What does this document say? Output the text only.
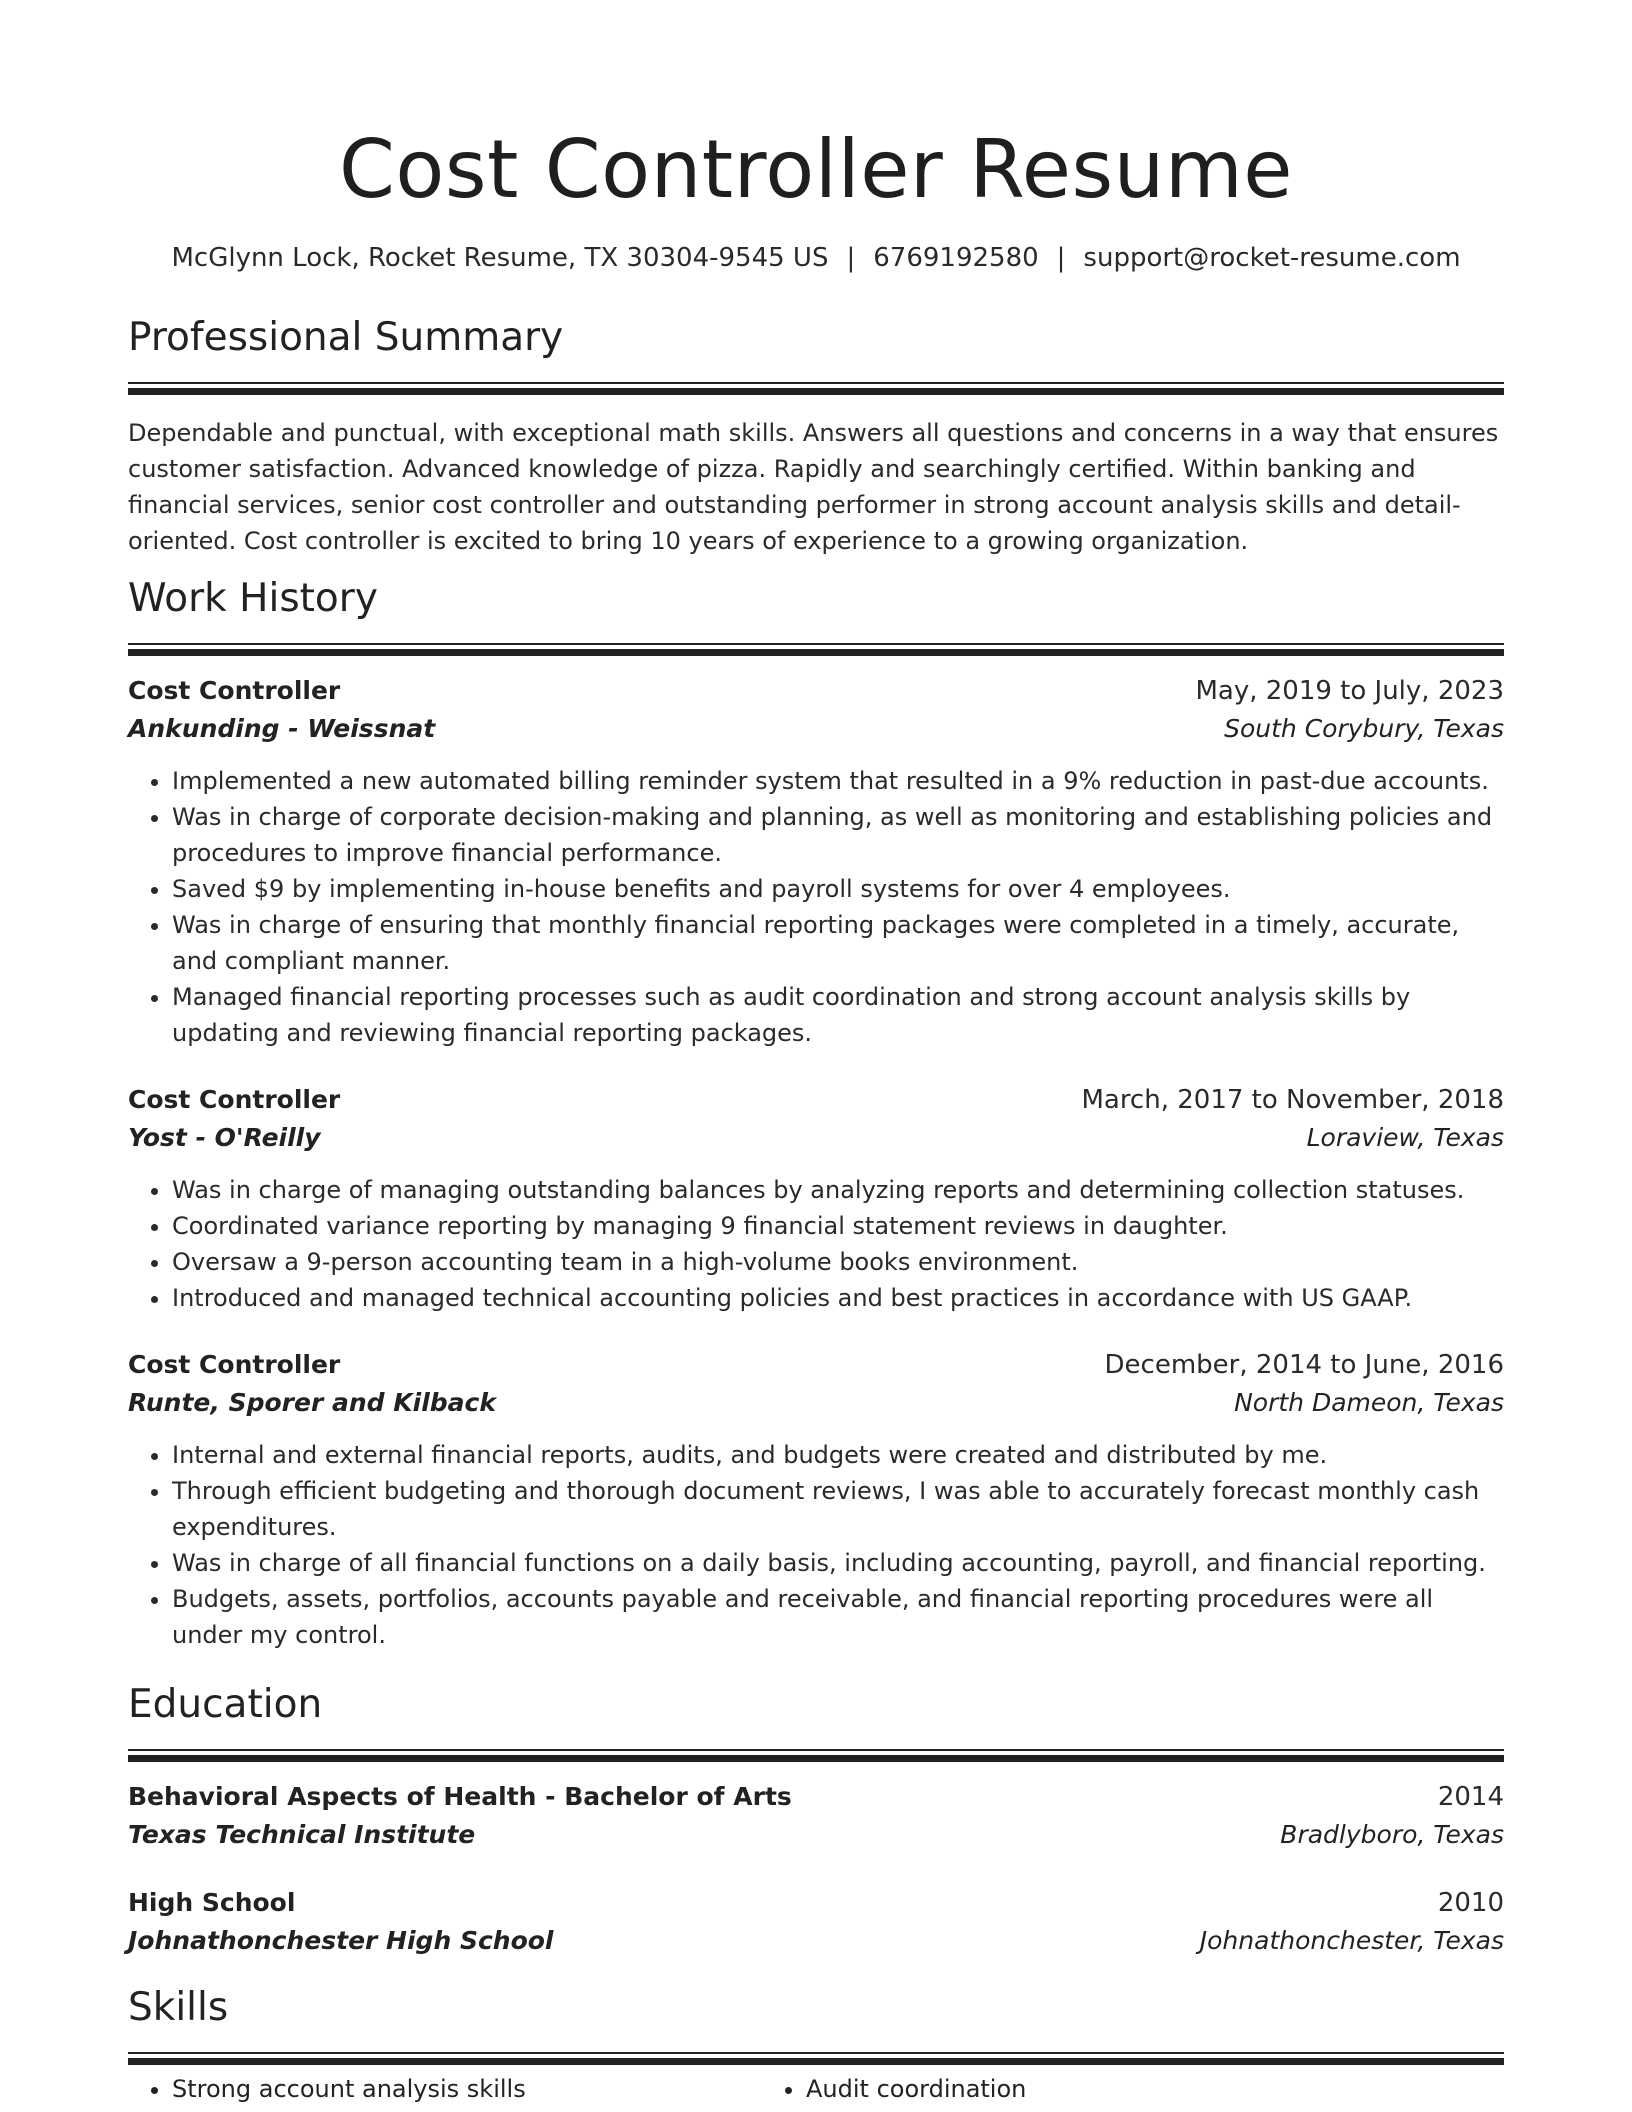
Cost Controller Resume
McGlynn Lock, Rocket Resume, TX 30304-9545 US | 6769192580 | support@rocket-resume.com
Professional Summary
Dependable and punctual, with exceptional math skills. Answers all questions and concerns in a way that ensures customer satisfaction. Advanced knowledge of pizza. Rapidly and searchingly certified. Within banking and financial services, senior cost controller and outstanding performer in strong account analysis skills and detail-oriented. Cost controller is excited to bring 10 years of experience to a growing organization.
Work History
Cost Controller	May, 2019 to July, 2023
Ankunding - Weissnat	South Corybury, Texas
• Implemented a new automated billing reminder system that resulted in a 9% reduction in past-due accounts.
• Was in charge of corporate decision-making and planning, as well as monitoring and establishing policies and procedures to improve financial performance.
• Saved $9 by implementing in-house benefits and payroll systems for over 4 employees.
• Was in charge of ensuring that monthly financial reporting packages were completed in a timely, accurate, and compliant manner.
• Managed financial reporting processes such as audit coordination and strong account analysis skills by updating and reviewing financial reporting packages.
Cost Controller	March, 2017 to November, 2018
Yost - O'Reilly	Loraview, Texas
• Was in charge of managing outstanding balances by analyzing reports and determining collection statuses.
• Coordinated variance reporting by managing 9 financial statement reviews in daughter.
• Oversaw a 9-person accounting team in a high-volume books environment.
• Introduced and managed technical accounting policies and best practices in accordance with US GAAP.
Cost Controller	December, 2014 to June, 2016
Runte, Sporer and Kilback	North Dameon, Texas
• Internal and external financial reports, audits, and budgets were created and distributed by me.
• Through efficient budgeting and thorough document reviews, I was able to accurately forecast monthly cash expenditures.
• Was in charge of all financial functions on a daily basis, including accounting, payroll, and financial reporting.
• Budgets, assets, portfolios, accounts payable and receivable, and financial reporting procedures were all under my control.
Education
Behavioral Aspects of Health - Bachelor of Arts	2014
Texas Technical Institute	Bradlyboro, Texas
High School	2010
Johnathonchester High School	Johnathonchester, Texas
Skills
• Strong account analysis skills
•	Audit coordination
